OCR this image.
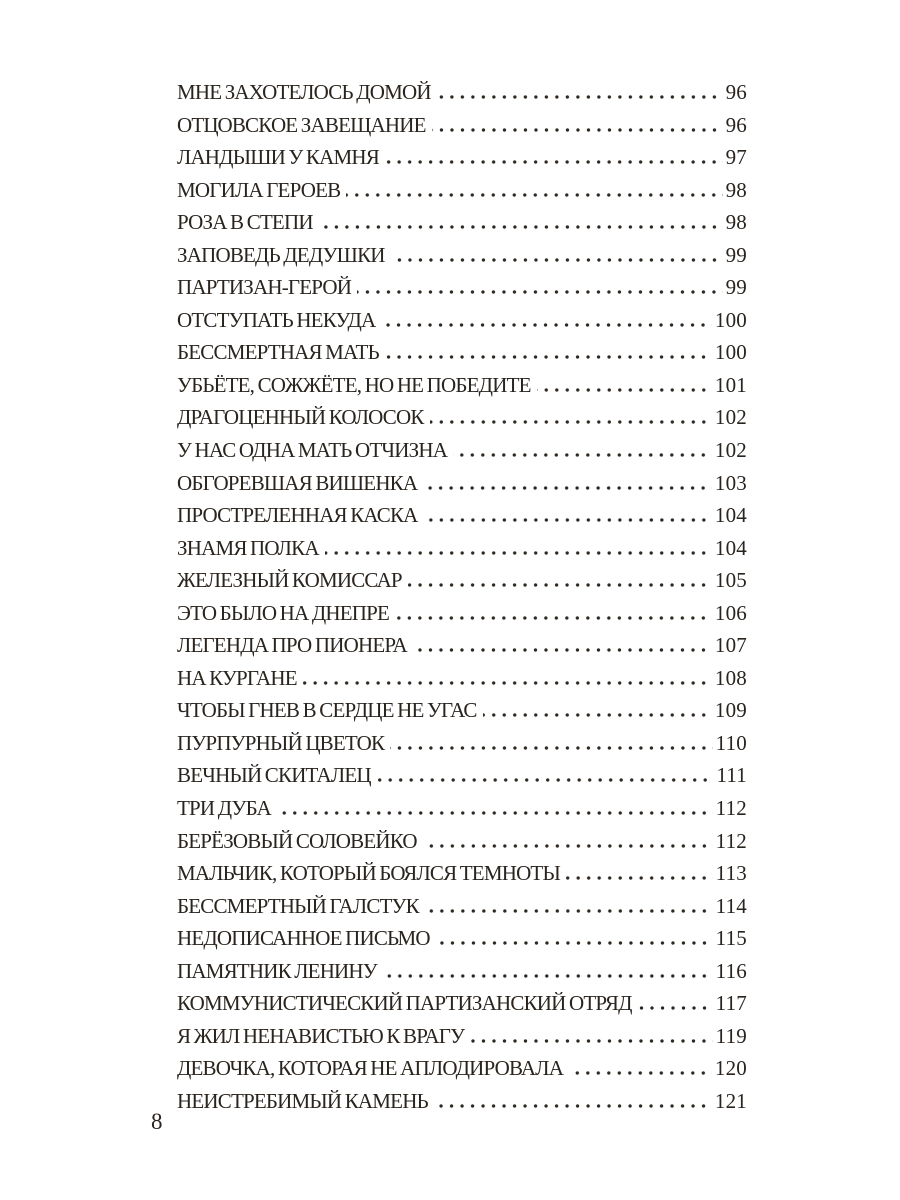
МНЕ ЗАХОТЕЛОСЬ ДОМОЙ	96
ОТЦОВСКОЕ ЗАВЕЩАНИЕ	96
ЛАНДЫШИ У КАМНЯ	97
МОГИЛА ГЕРОЕВ	98
РОЗА В СТЕПИ	98
ЗАПОВЕДЬ ДЕДУШКИ	99
ПАРТИЗАН-ГЕРОЙ	99
ОТСТУПАТЬ НЕКУДА	100
БЕССМЕРТНАЯ МАТЬ	100
УБЬЁТЕ, СОЖЖЁТЕ, НО НЕ ПОБЕДИТЕ	101
ДРАГОЦЕННЫЙ КОЛОСОК	102
У НАС ОДНА МАТЬ ОТЧИЗНА	102
ОБГОРЕВШАЯ ВИШЕНКА	103
ПРОСТРЕЛЕННАЯ КАСКА	104
ЗНАМЯ ПОЛКА	104
ЖЕЛЕЗНЫЙ КОМИССАР	105
ЭТО БЫЛО НА ДНЕПРЕ	106
ЛЕГЕНДА ПРО ПИОНЕРА	107
НА КУРГАНЕ	108
ЧТОБЫ ГНЕВ В СЕРДЦЕ НЕ УГАС	109
ПУРПУРНЫЙ ЦВЕТОК	110
ВЕЧНЫЙ СКИТАЛЕЦ	111
ТРИ ДУБА	112
БЕРЁЗОВЫЙ СОЛОВЕЙКО	112
МАЛЬЧИК, КОТОРЫЙ БОЯЛСЯ ТЕМНОТЫ	113
БЕССМЕРТНЫЙ ГАЛСТУК	114
НЕДОПИСАННОЕ ПИСЬМО	115
ПАМЯТНИК ЛЕНИНУ	116
КОММУНИСТИЧЕСКИЙ ПАРТИЗАНСКИЙ ОТРЯД	117
Я ЖИЛ НЕНАВИСТЬЮ К ВРАГУ	119
ДЕВОЧКА, КОТОРАЯ НЕ АПЛОДИРОВАЛА	120
НЕИСТРЕБИМЫЙ КАМЕНЬ	121
8
